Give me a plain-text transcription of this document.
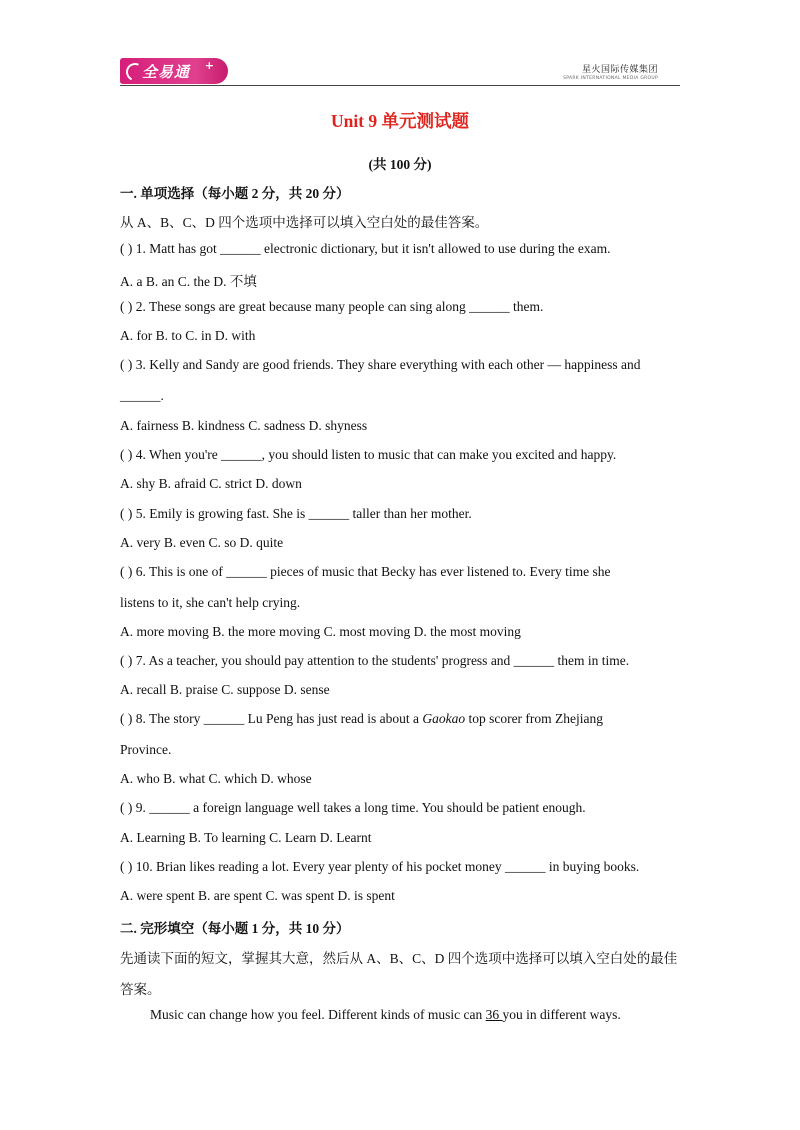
全易通 +	星火国际传媒集团
SPARK INTERNATIONAL MEDIA GROUP
Unit 9 单元测试题
(共 100 分)
一. 单项选择（每小题 2 分，共 20 分）
从 A、B、C、D 四个选项中选择可以填入空白处的最佳答案。
( ) 1. Matt has got ______ electronic dictionary, but it isn't allowed to use during the exam.
A. a B. an C. the D. 不填
( ) 2. These songs are great because many people can sing along ______ them.
A. for B. to C. in D. with
( ) 3. Kelly and Sandy are good friends. They share everything with each other — happiness and
______.
A. fairness B. kindness C. sadness D. shyness
( ) 4. When you're ______, you should listen to music that can make you excited and happy.
A. shy B. afraid C. strict D. down
( ) 5. Emily is growing fast. She is ______ taller than her mother.
A. very B. even C. so D. quite
( ) 6. This is one of ______ pieces of music that Becky has ever listened to. Every time she
listens to it, she can't help crying.
A. more moving B. the more moving C. most moving D. the most moving
( ) 7. As a teacher, you should pay attention to the students' progress and ______ them in time.
A. recall B. praise C. suppose D. sense
( ) 8. The story ______ Lu Peng has just read is about a Gaokao top scorer from Zhejiang
Province.
A. who B. what C. which D. whose
( ) 9. ______ a foreign language well takes a long time. You should be patient enough.
A. Learning B. To learning C. Learn D. Learnt
( ) 10. Brian likes reading a lot. Every year plenty of his pocket money ______ in buying books.
A. were spent B. are spent C. was spent D. is spent
二. 完形填空（每小题 1 分，共 10 分）
先通读下面的短文，掌握其大意，然后从 A、B、C、D 四个选项中选择可以填入空白处的最佳
答案。
Music can change how you feel. Different kinds of music can 36 you in different ways.
